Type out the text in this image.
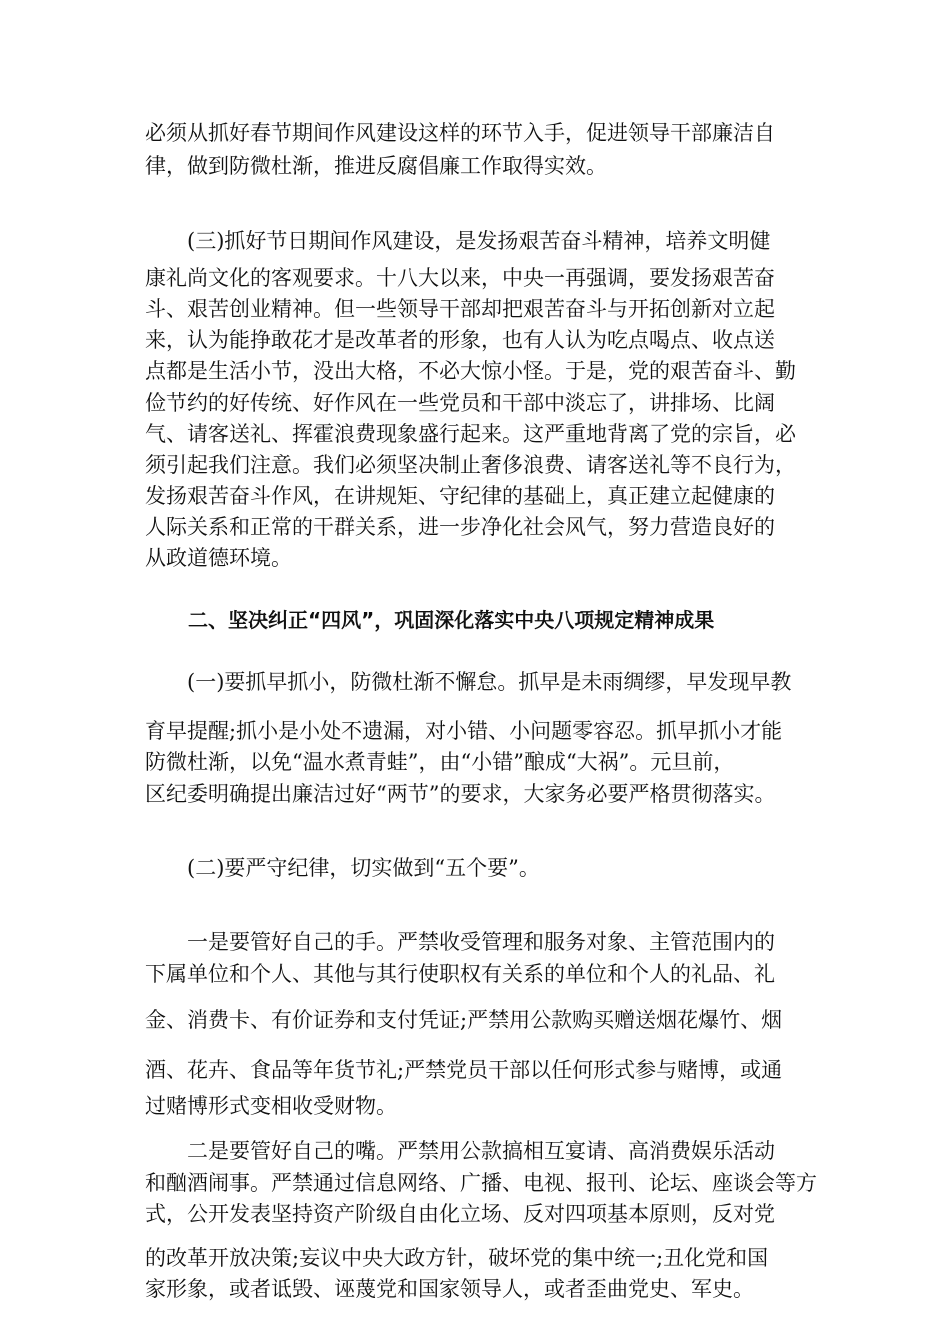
必须从抓好春节期间作风建设这样的环节入手，促进领导干部廉洁自
律，做到防微杜渐，推进反腐倡廉工作取得实效。
(三)抓好节日期间作风建设，是发扬艰苦奋斗精神，培养文明健
康礼尚文化的客观要求。十八大以来，中央一再强调，要发扬艰苦奋
斗、艰苦创业精神。但一些领导干部却把艰苦奋斗与开拓创新对立起
来，认为能挣敢花才是改革者的形象，也有人认为吃点喝点、收点送
点都是生活小节，没出大格，不必大惊小怪。于是，党的艰苦奋斗、勤
俭节约的好传统、好作风在一些党员和干部中淡忘了，讲排场、比阔
气、请客送礼、挥霍浪费现象盛行起来。这严重地背离了党的宗旨，必
须引起我们注意。我们必须坚决制止奢侈浪费、请客送礼等不良行为，
发扬艰苦奋斗作风，在讲规矩、守纪律的基础上，真正建立起健康的
人际关系和正常的干群关系，进一步净化社会风气，努力营造良好的
从政道德环境。
二、坚决纠正“四风”，巩固深化落实中央八项规定精神成果
(一)要抓早抓小，防微杜渐不懈怠。抓早是未雨绸缪，早发现早教
育早提醒;抓小是小处不遗漏，对小错、小问题零容忍。抓早抓小才能
防微杜渐，以免“温水煮青蛙”，由“小错”酿成“大祸”。元旦前，
区纪委明确提出廉洁过好“两节”的要求，大家务必要严格贯彻落实。
(二)要严守纪律，切实做到“五个要”。
一是要管好自己的手。严禁收受管理和服务对象、主管范围内的
下属单位和个人、其他与其行使职权有关系的单位和个人的礼品、礼
金、消费卡、有价证券和支付凭证;严禁用公款购买赠送烟花爆竹、烟
酒、花卉、食品等年货节礼;严禁党员干部以任何形式参与赌博，或通
过赌博形式变相收受财物。
二是要管好自己的嘴。严禁用公款搞相互宴请、高消费娱乐活动
和酗酒闹事。严禁通过信息网络、广播、电视、报刊、论坛、座谈会等方
式，公开发表坚持资产阶级自由化立场、反对四项基本原则，反对党
的改革开放决策;妄议中央大政方针，破坏党的集中统一;丑化党和国
家形象，或者诋毁、诬蔑党和国家领导人，或者歪曲党史、军史。
